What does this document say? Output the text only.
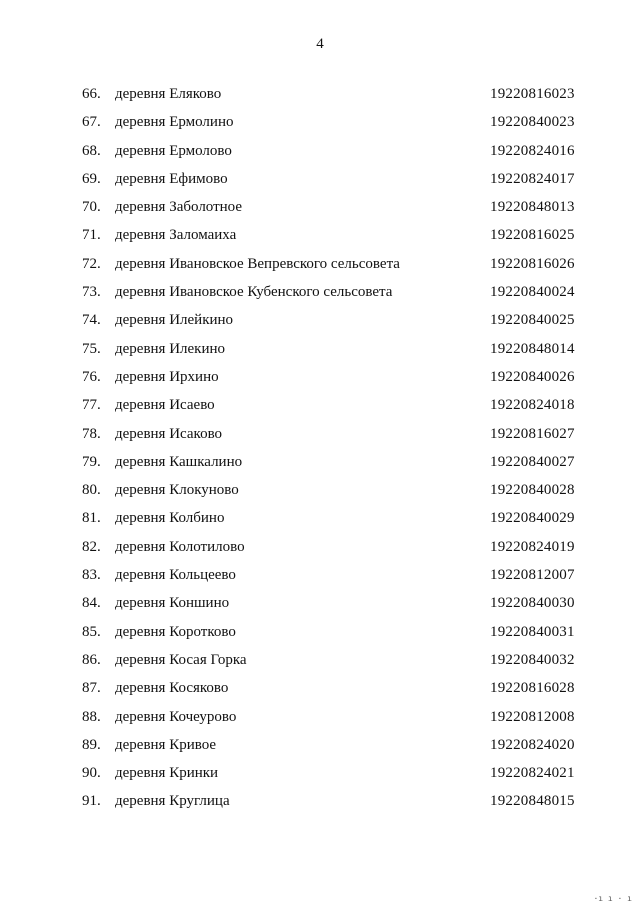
4
66. деревня Еляково	19220816023
67. деревня Ермолино	19220840023
68. деревня Ермолово	19220824016
69. деревня Ефимово	19220824017
70. деревня Заболотное	19220848013
71. деревня Заломаиха	19220816025
72. деревня Ивановское Вепревского сельсовета	19220816026
73. деревня Ивановское Кубенского сельсовета	19220840024
74. деревня Илейкино	19220840025
75. деревня Илекино	19220848014
76. деревня Ирхино	19220840026
77. деревня Исаево	19220824018
78. деревня Исаково	19220816027
79. деревня Кашкалино	19220840027
80. деревня Клокуново	19220840028
81. деревня Колбино	19220840029
82. деревня Колотилово	19220824019
83. деревня Кольцеево	19220812007
84. деревня Коншино	19220840030
85. деревня Коротково	19220840031
86. деревня Косая Горка	19220840032
87. деревня Косяково	19220816028
88. деревня Кочеурово	19220812008
89. деревня Кривое	19220824020
90. деревня Кринки	19220824021
91. деревня Круглица	19220848015
·ı ı · ı
